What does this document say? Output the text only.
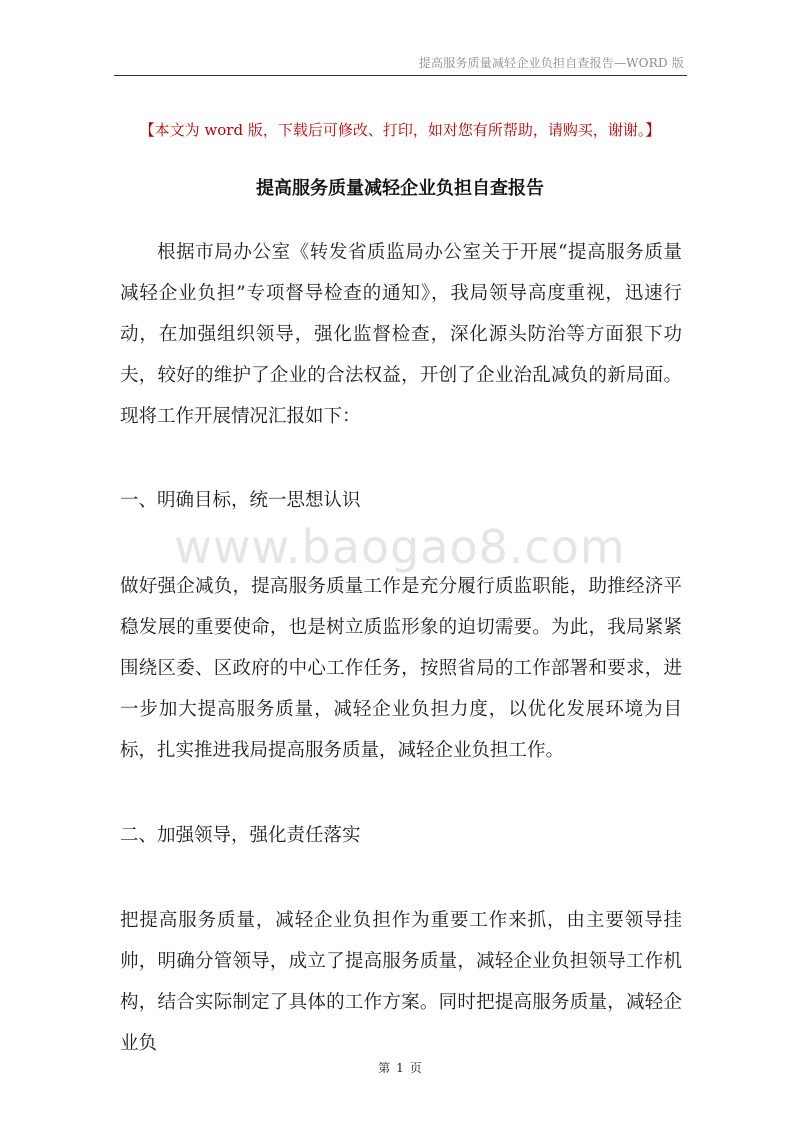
提高服务质量减轻企业负担自查报告—WORD 版
【本文为 word 版，下载后可修改、打印，如对您有所帮助，请购买，谢谢。】
提高服务质量减轻企业负担自查报告
根据市局办公室《转发省质监局办公室关于开展“提高服务质量减轻企业负担”专项督导检查的通知》，我局领导高度重视，迅速行动，在加强组织领导，强化监督检查，深化源头防治等方面狠下功夫，较好的维护了企业的合法权益，开创了企业治乱减负的新局面。现将工作开展情况汇报如下：
一、明确目标，统一思想认识
www.baogao8.com
做好强企减负，提高服务质量工作是充分履行质监职能，助推经济平稳发展的重要使命，也是树立质监形象的迫切需要。为此，我局紧紧围绕区委、区政府的中心工作任务，按照省局的工作部署和要求，进一步加大提高服务质量，减轻企业负担力度，以优化发展环境为目标，扎实推进我局提高服务质量，减轻企业负担工作。
二、加强领导，强化责任落实
把提高服务质量，减轻企业负担作为重要工作来抓，由主要领导挂帅，明确分管领导，成立了提高服务质量，减轻企业负担领导工作机构，结合实际制定了具体的工作方案。同时把提高服务质量，减轻企业负
第 1 页
